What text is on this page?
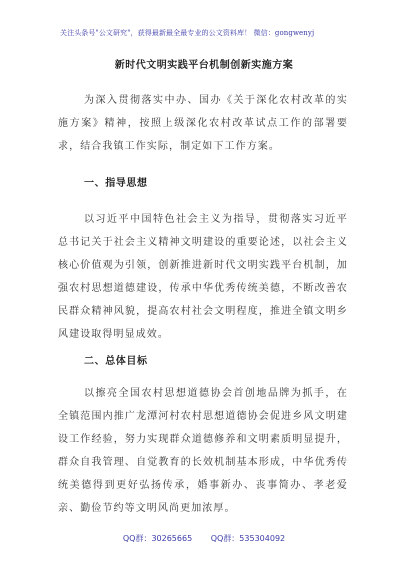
关注头条号"公文研究"，获得最新最全最专业的公文资料库！ 微信：gongwenyj
新时代文明实践平台机制创新实施方案

为深入贯彻落实中办、国办《关于深化农村改革的实施方案》精神，按照上级深化农村改革试点工作的部署要求，结合我镇工作实际，制定如下工作方案。

一、指导思想

以习近平中国特色社会主义为指导，贯彻落实习近平总书记关于社会主义精神文明建设的重要论述，以社会主义核心价值观为引领，创新推进新时代文明实践平台机制，加强农村思想道德建设，传承中华优秀传统美德，不断改善农民群众精神风貌，提高农村社会文明程度，推进全镇文明乡风建设取得明显成效。

二、总体目标

以擦亮全国农村思想道德协会首创地品牌为抓手，在全镇范围内推广龙潭河村农村思想道德协会促进乡风文明建设工作经验，努力实现群众道德修养和文明素质明显提升，群众自我管理、自觉教育的长效机制基本形成，中华优秀传统美德得到更好弘扬传承，婚事新办、丧事简办、孝老爱亲、勤俭节约等文明风尚更加浓厚。

QQ群：30265665 QQ群：535304092
